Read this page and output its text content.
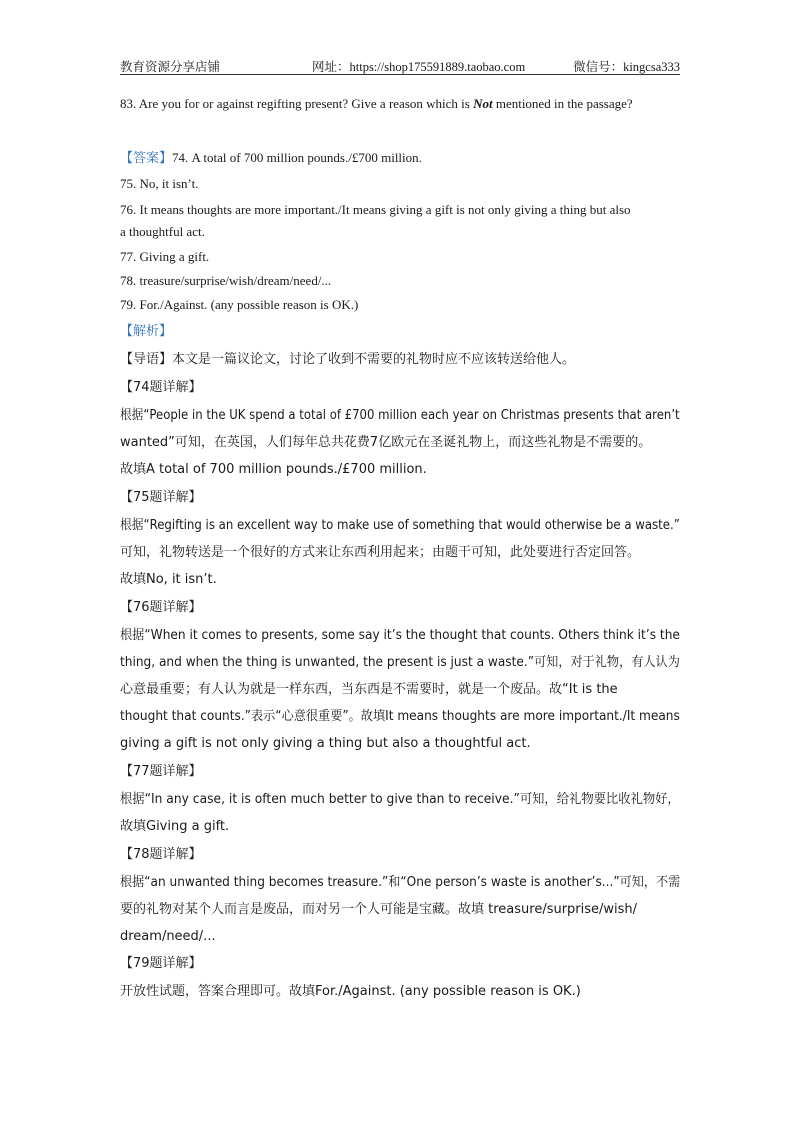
教育资源分享店铺	网址：https://shop175591889.taobao.com	微信号：kingcsa333
83. Are you for or against regifting present? Give a reason which is Not mentioned in the passage?
【答案】74. A total of 700 million pounds./£700 million.
75. No, it isn’t.
76. It means thoughts are more important./It means giving a gift is not only giving a thing but also
a thoughtful act.
77. Giving a gift.
78. treasure/surprise/wish/dream/need/...
79. For./Against. (any possible reason is OK.)
【解析】
【导语】本文是一篇议论文，讨论了收到不需要的礼物时应不应该转送给他人。
【74题详解】
根据“People in the UK spend a total of £700 million each year on Christmas presents that aren’t
wanted”可知，在英国，人们每年总共花费7亿欧元在圣诞礼物上，而这些礼物是不需要的。
故填A total of 700 million pounds./£700 million.
【75题详解】
根据“Regifting is an excellent way to make use of something that would otherwise be a waste.”
可知，礼物转送是一个很好的方式来让东西利用起来；由题干可知，此处要进行否定回答。
故填No, it isn’t.
【76题详解】
根据“When it comes to presents, some say it’s the thought that counts. Others think it’s the
thing, and when the thing is unwanted, the present is just a waste.”可知，对于礼物，有人认为
心意最重要；有人认为就是一样东西，当东西是不需要时，就是一个废品。故“It is the
thought that counts.”表示“心意很重要”。故填It means thoughts are more important./It means
giving a gift is not only giving a thing but also a thoughtful act.
【77题详解】
根据“In any case, it is often much better to give than to receive.”可知，给礼物要比收礼物好，
故填Giving a gift.
【78题详解】
根据“an unwanted thing becomes treasure.”和“One person’s waste is another’s...”可知，不需
要的礼物对某个人而言是废品，而对另一个人可能是宝藏。故填 treasure/surprise/wish/
dream/need/...
【79题详解】
开放性试题，答案合理即可。故填For./Against. (any possible reason is OK.)
